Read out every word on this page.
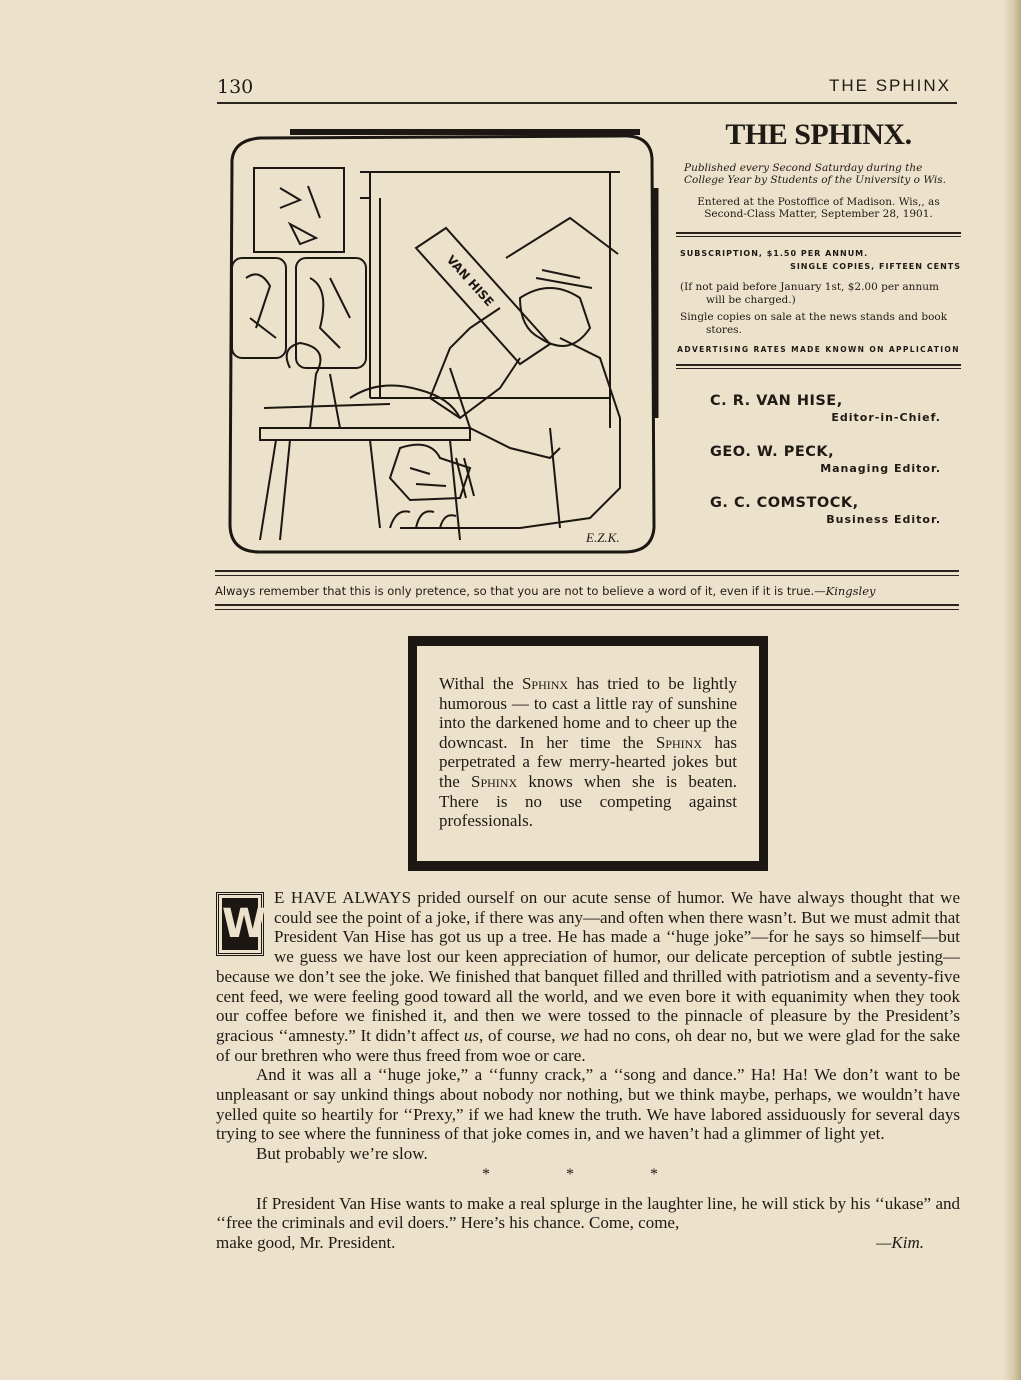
130	THE SPHINX
VAN HISE
E.Z.K.
THE SPHINX.

Published every Second Saturday during the College Year by Students of the University o Wis.

Entered at the Postoffice of Madison. Wis,, as Second-Class Matter, September 28, 1901.

SUBSCRIPTION, $1.50 PER ANNUM.
SINGLE COPIES, FIFTEEN CENTS

(If not paid before January 1st, $2.00 per annum will be charged.)

Single copies on sale at the news stands and book stores.

ADVERTISING RATES MADE KNOWN ON APPLICATION
C. R. VAN HISE,
Editor-in-Chief.
GEO. W. PECK,
Managing Editor.
G. C. COMSTOCK,
Business Editor.
Always remember that this is only pretence, so that you are not to believe a word of it, even if it is true.—Kingsley

Withal the Sphinx has tried to be lightly humorous — to cast a little ray of sunshine into the darkened home and to cheer up the downcast. In her time the Sphinx has perpetrated a few merry-hearted jokes but the Sphinx knows when she is beaten. There is no use competing against professionals.

W

E HAVE ALWAYS prided ourself on our acute sense of humor. We have always thought that we could see the point of a joke, if there was any—and often when there wasn’t. But we must admit that President Van Hise has got us up a tree. He has made a ‘‘huge joke”—for he says so himself—but we guess we have lost our keen appreciation of humor, our delicate perception of subtle jesting—because we don’t see the joke. We finished that banquet filled and thrilled with patriotism and a seventy-five cent feed, we were feeling good toward all the world, and we even bore it with equanimity when they took our coffee before we finished it, and then we were tossed to the pinnacle of pleasure by the President’s gracious ‘‘amnesty.” It didn’t affect us, of course, we had no cons, oh dear no, but we were glad for the sake of our brethren who were thus freed from woe or care.

And it was all a ‘‘huge joke,” a ‘‘funny crack,” a ‘‘song and dance.” Ha! Ha! We don’t want to be unpleasant or say unkind things about nobody nor nothing, but we think maybe, perhaps, we wouldn’t have yelled quite so heartily for ‘‘Prexy,” if we had knew the truth. We have labored assiduously for several days trying to see where the funniness of that joke comes in, and we haven’t had a glimmer of light yet.

But probably we’re slow.

* * *

If President Van Hise wants to make a real splurge in the laughter line, he will stick by his ‘‘ukase” and ‘‘free the criminals and evil doers.” Here’s his chance. Come, come,

make good, Mr. President.	—Kim.
